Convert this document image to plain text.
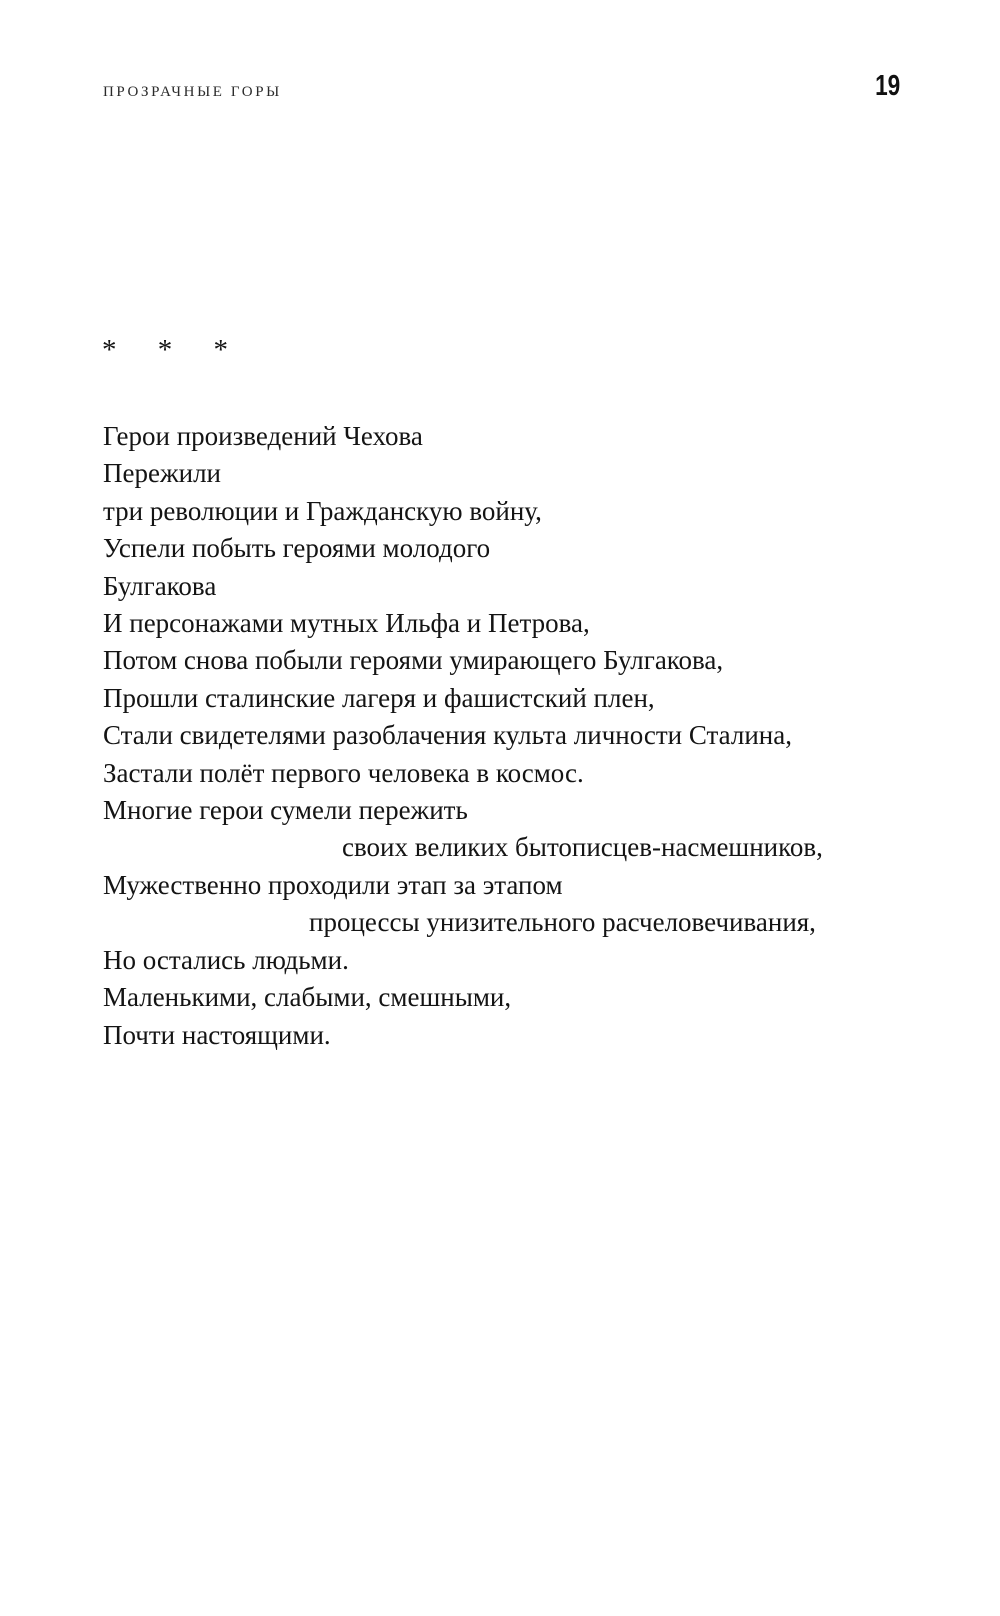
ПРОЗРАЧНЫЕ ГОРЫ	19
* * *
Герои произведений Чехова
Пережили
три революции и Гражданскую войну,
Успели побыть героями молодого
Булгакова
И персонажами мутных Ильфа и Петрова,
Потом снова побыли героями умирающего Булгакова,
Прошли сталинские лагеря и фашистский плен,
Стали свидетелями разоблачения культа личности Сталина,
Застали полёт первого человека в космос.
Многие герои сумели пережить
своих великих бытописцев-насмешников,
Мужественно проходили этап за этапом
процессы унизительного расчеловечивания,
Но остались людьми.
Маленькими, слабыми, смешными,
Почти настоящими.
